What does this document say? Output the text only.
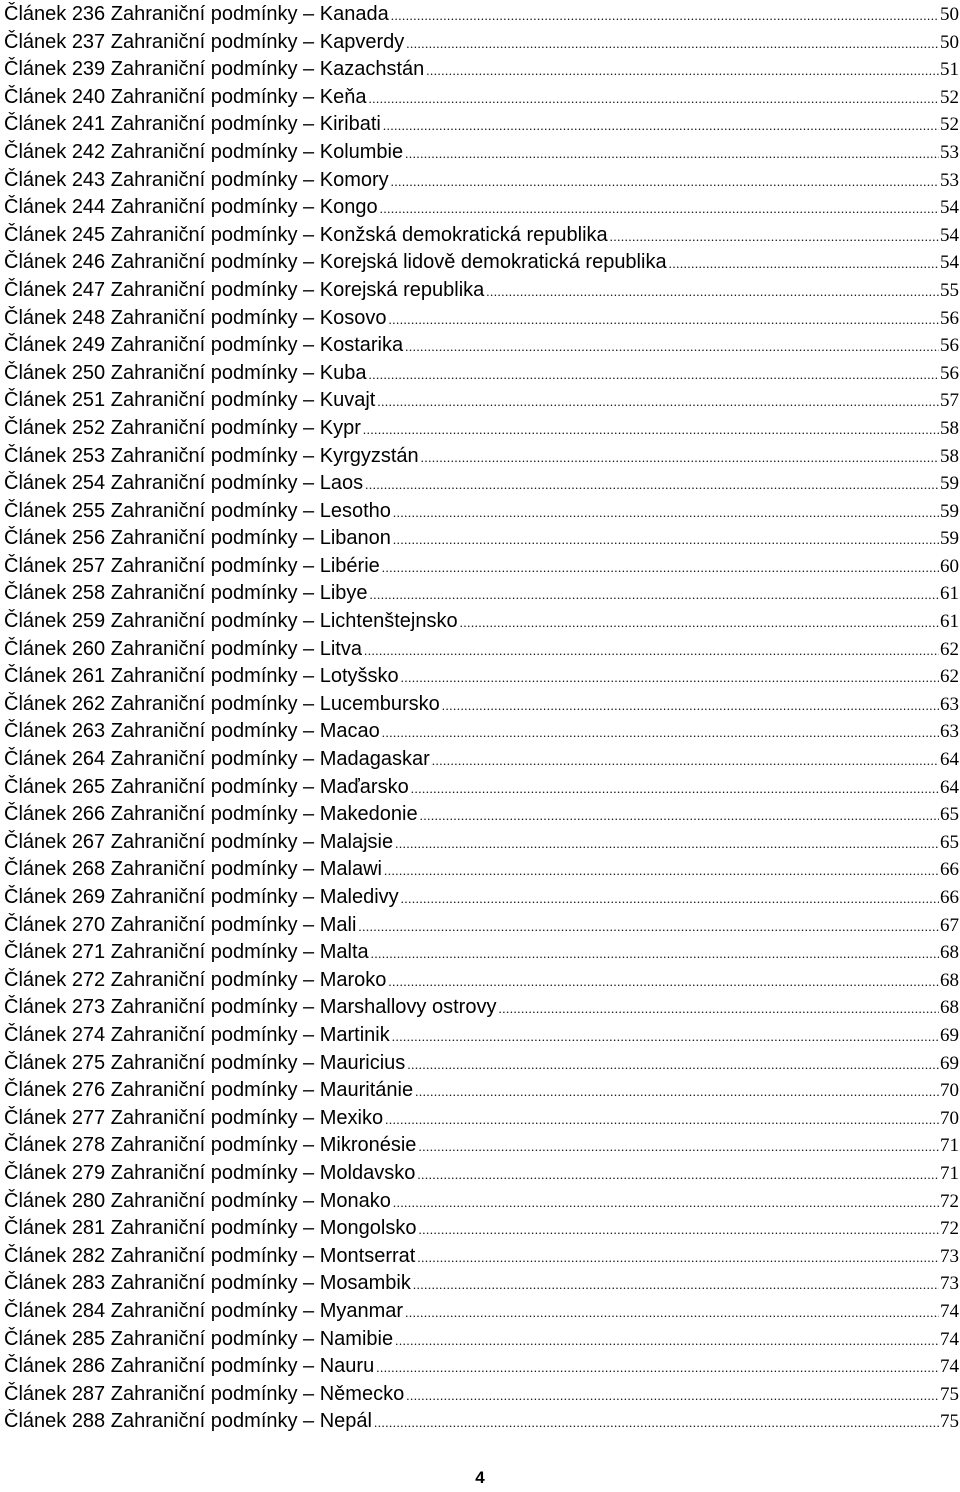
Článek 236 Zahraniční podmínky – Kanada .....	50
Článek 237 Zahraniční podmínky – Kapverdy .....	50
Článek 239 Zahraniční podmínky – Kazachstán .....	51
Článek 240 Zahraniční podmínky – Keňa .....	52
Článek 241 Zahraniční podmínky – Kiribati .....	52
Článek 242 Zahraniční podmínky – Kolumbie .....	53
Článek 243 Zahraniční podmínky – Komory .....	53
Článek 244 Zahraniční podmínky – Kongo .....	54
Článek 245 Zahraniční podmínky – Konžská demokratická republika .....	54
Článek 246 Zahraniční podmínky – Korejská lidově demokratická republika .....	54
Článek 247 Zahraniční podmínky – Korejská republika .....	55
Článek 248 Zahraniční podmínky – Kosovo .....	56
Článek 249 Zahraniční podmínky – Kostarika .....	56
Článek 250 Zahraniční podmínky – Kuba .....	56
Článek 251 Zahraniční podmínky – Kuvajt .....	57
Článek 252 Zahraniční podmínky – Kypr .....	58
Článek 253 Zahraniční podmínky – Kyrgyzstán .....	58
Článek 254 Zahraniční podmínky – Laos .....	59
Článek 255 Zahraniční podmínky – Lesotho .....	59
Článek 256 Zahraniční podmínky – Libanon .....	59
Článek 257 Zahraniční podmínky – Libérie .....	60
Článek 258 Zahraniční podmínky – Libye .....	61
Článek 259 Zahraniční podmínky – Lichtenštejnsko .....	61
Článek 260 Zahraniční podmínky – Litva .....	62
Článek 261 Zahraniční podmínky – Lotyšsko .....	62
Článek 262 Zahraniční podmínky – Lucembursko .....	63
Článek 263 Zahraniční podmínky – Macao .....	63
Článek 264 Zahraniční podmínky – Madagaskar .....	64
Článek 265 Zahraniční podmínky – Maďarsko .....	64
Článek 266 Zahraniční podmínky – Makedonie .....	65
Článek 267 Zahraniční podmínky – Malajsie .....	65
Článek 268 Zahraniční podmínky – Malawi .....	66
Článek 269 Zahraniční podmínky – Maledivy .....	66
Článek 270 Zahraniční podmínky – Mali .....	67
Článek 271 Zahraniční podmínky – Malta .....	68
Článek 272 Zahraniční podmínky – Maroko .....	68
Článek 273 Zahraniční podmínky – Marshallovy ostrovy .....	68
Článek 274 Zahraniční podmínky – Martinik .....	69
Článek 275 Zahraniční podmínky – Mauricius .....	69
Článek 276 Zahraniční podmínky – Mauritánie .....	70
Článek 277 Zahraniční podmínky – Mexiko .....	70
Článek 278 Zahraniční podmínky – Mikronésie .....	71
Článek 279 Zahraniční podmínky – Moldavsko .....	71
Článek 280 Zahraniční podmínky – Monako .....	72
Článek 281 Zahraniční podmínky – Mongolsko .....	72
Článek 282 Zahraniční podmínky – Montserrat .....	73
Článek 283 Zahraniční podmínky – Mosambik .....	73
Článek 284 Zahraniční podmínky – Myanmar .....	74
Článek 285 Zahraniční podmínky – Namibie .....	74
Článek 286 Zahraniční podmínky – Nauru .....	74
Článek 287 Zahraniční podmínky – Německo .....	75
Článek 288 Zahraniční podmínky – Nepál .....	75
4
